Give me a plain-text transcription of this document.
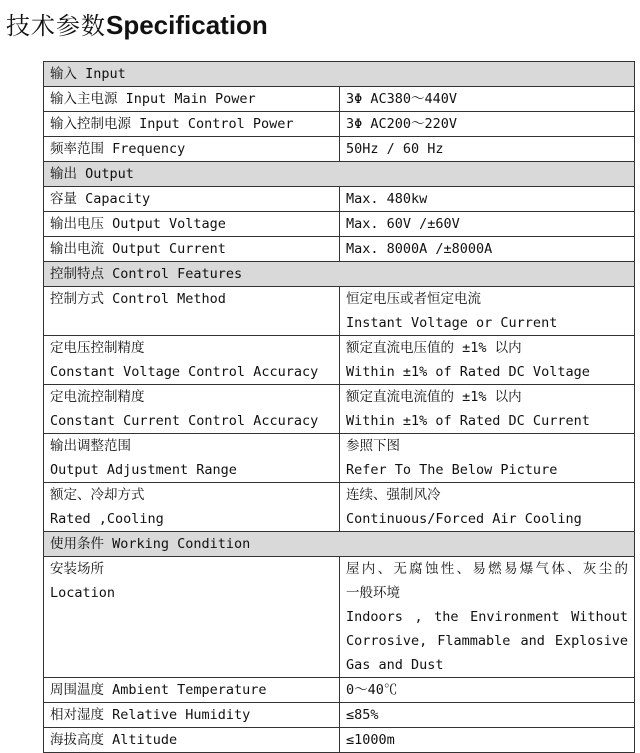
技术参数Specification
输入 Input	

输入主电源 Input Main Power	3Φ AC380～440V

输入控制电源 Input Control Power	3Φ AC200～220V

频率范围 Frequency	50Hz / 60 Hz

输出 Output	

容量 Capacity	Max. 480kw

输出电压 Output Voltage	Max. 60V /±60V

输出电流 Output Current	Max. 8000A /±8000A

控制特点 Control Features	

控制方式 Control Method	恒定电压或者恒定电流
Instant Voltage or Current

定电压控制精度
Constant Voltage Control Accuracy	额定直流电压值的 ±1% 以内
Within ±1% of Rated DC Voltage

定电流控制精度
Constant Current Control Accuracy	额定直流电流值的 ±1% 以内
Within ±1% of Rated DC Current

输出调整范围
Output Adjustment Range	参照下图
Refer To The Below Picture

额定、冷却方式
Rated ,Cooling	连续、强制风冷
Continuous/Forced Air Cooling

使用条件 Working Condition	

安装场所
Location	屋内、无腐蚀性、易燃易爆气体、灰尘的
一般环境
Indoors , the Environment Without
Corrosive, Flammable and Explosive
Gas and Dust

周围温度 Ambient Temperature	0～40℃

相对湿度 Relative Humidity	≤85%

海拔高度 Altitude	≤1000m
